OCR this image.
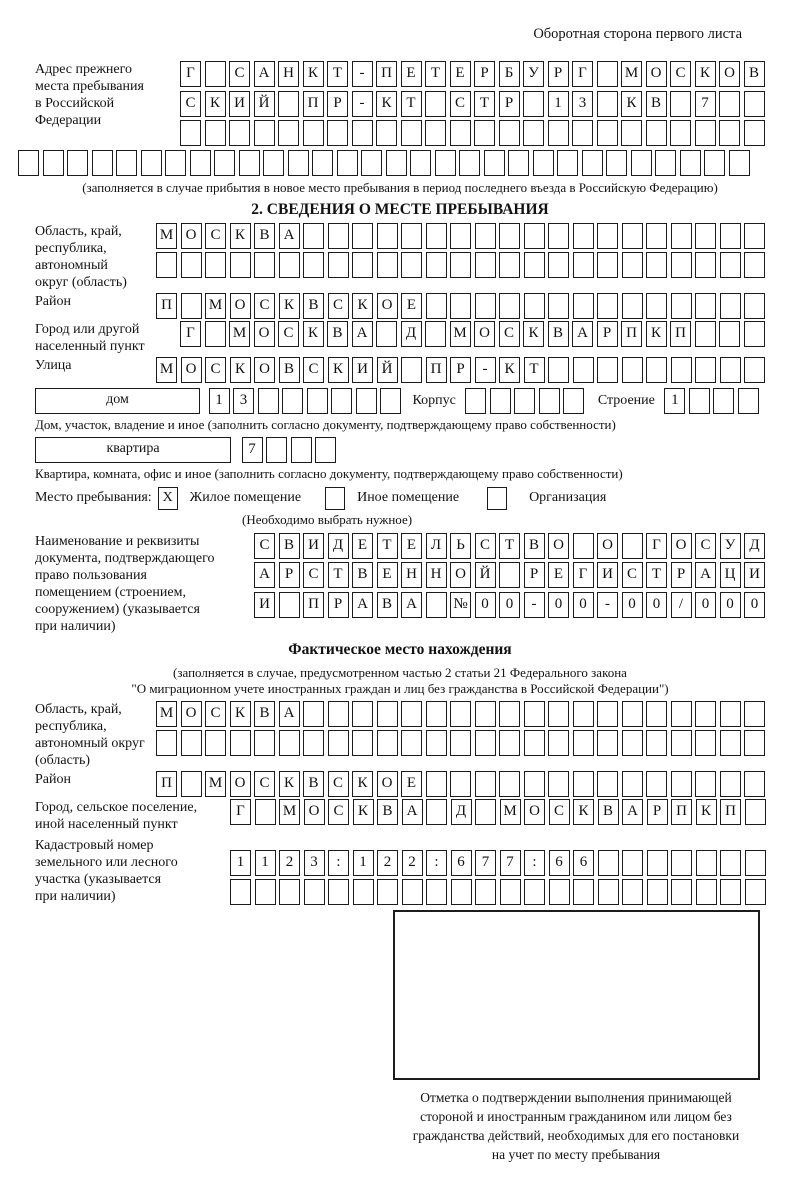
Оборотная сторона первого листа
Адрес прежнего
места пребывания
в Российской
Федерации
Г	С А Н К Т	-	П Е	Т	Е	Р	Б У	Р	Г	М О С К О В
С К И Й	П Р	-	К Т	С Т	Р	1	3	К В	7
(заполняется в случае прибытия в новое место пребывания в период последнего въезда в Российскую Федерацию)
2. СВЕДЕНИЯ О МЕСТЕ ПРЕБЫВАНИЯ
Область, край,
республика,
автономный
округ (область)
М О С К В А
Район	П	М О С К В С К О Е
Город или другой
населенный пункт
Г	М О С К В А	Д	М О С К В А Р П К П
Улица	М О С К О В С К И Й	П Р	-	К Т
дом	1	3	Корпус	Строение	1
Дом, участок, владение и иное (заполнить согласно документу, подтверждающему право собственности)
квартира	7
Квартира, комната, офис и иное (заполнить согласно документу, подтверждающему право собственности)
Место пребывания: X	Жилое помещение	Иное помещение	Организация
(Необходимо выбрать нужное)
Наименование и реквизиты
документа, подтверждающего
право пользования
помещением (строением,
сооружением) (указывается
при наличии)
С В И Д Е	Т	Е Л	Ь	С Т В О	О	Г О С У Д
А Р	С Т В Е Н Н О Й	Р	Е	Г И С Т	Р А Ц И
И	П Р А В А	№ 0	0	-	0	0	-	0	0	/	0	0	0
Фактическое место нахождения
(заполняется в случае, предусмотренном частью 2 статьи 21 Федерального закона
"О миграционном учете иностранных граждан и лиц без гражданства в Российской Федерации")
Область, край,
республика,
автономный округ
(область)
М О С К В А
Район	П	М О С К В С К О Е
Город, сельское поселение,
иной населенный пункт
Г	М О С К В А	Д	М О С К В А Р П К П
Кадастровый номер
земельного или лесного
участка (указывается
при наличии)
1	1	2	3	:	1	2	2	:	6	7	7	:	6	6
Отметка о подтверждении выполнения принимающей
стороной и иностранным гражданином или лицом без
гражданства действий, необходимых для его постановки
на учет по месту пребывания
